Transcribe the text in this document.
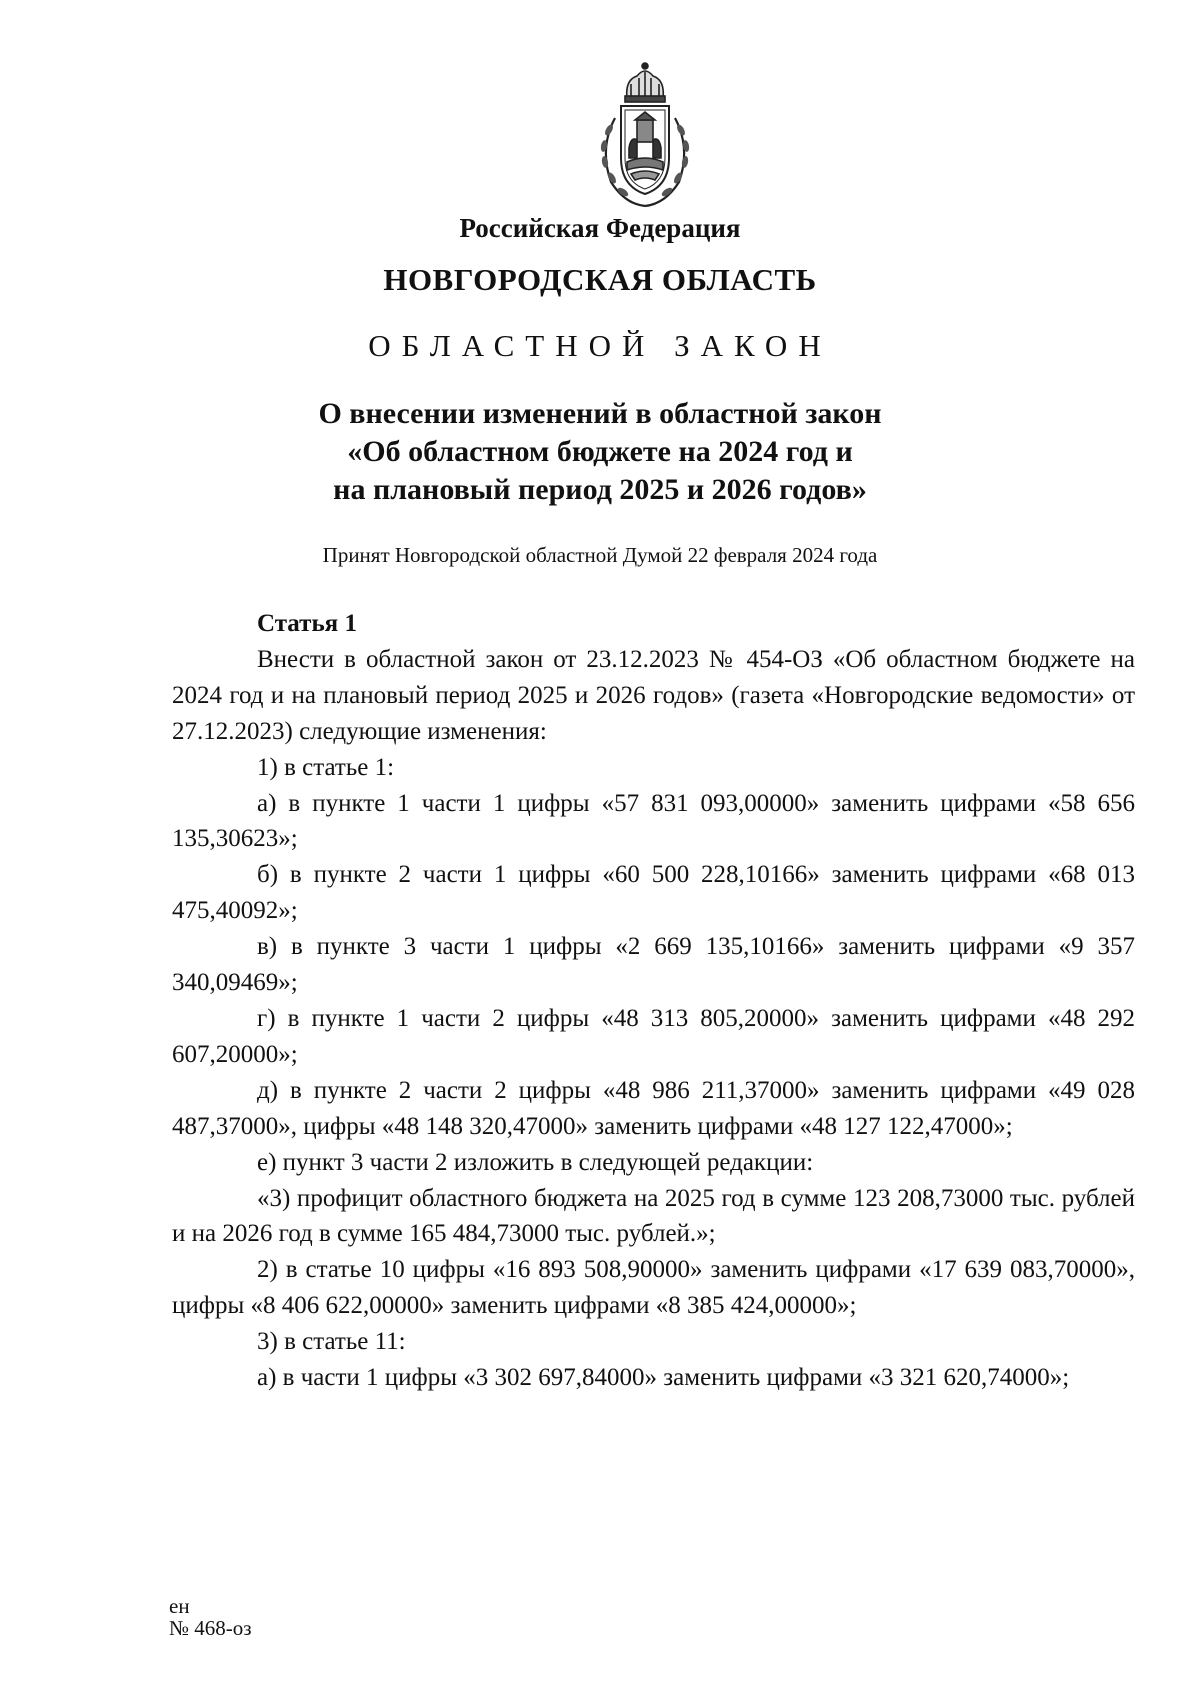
Российская Федерация

НОВГОРОДСКАЯ ОБЛАСТЬ

ОБЛАСТНОЙ ЗАКОН

О внесении изменений в областной закон
«Об областном бюджете на 2024 год и
на плановый период 2025 и 2026 годов»

Принят Новгородской областной Думой 22 февраля 2024 года

Статья 1

Внести в областной закон от 23.12.2023 № 454-ОЗ «Об областном бюджете на 2024 год и на плановый период 2025 и 2026 годов» (газета «Новгородские ведомости» от 27.12.2023) следующие изменения:

1) в статье 1:

а) в пункте 1 части 1 цифры «57 831 093,00000» заменить цифрами «58 656 135,30623»;

б) в пункте 2 части 1 цифры «60 500 228,10166» заменить цифрами «68 013 475,40092»;

в) в пункте 3 части 1 цифры «2 669 135,10166» заменить цифрами «9 357 340,09469»;

г) в пункте 1 части 2 цифры «48 313 805,20000» заменить цифрами «48 292 607,20000»;

д) в пункте 2 части 2 цифры «48 986 211,37000» заменить цифрами «49 028 487,37000», цифры «48 148 320,47000» заменить цифрами «48 127 122,47000»;

е) пункт 3 части 2 изложить в следующей редакции:

«3) профицит областного бюджета на 2025 год в сумме 123 208,73000 тыс. рублей и на 2026 год в сумме 165 484,73000 тыс. рублей.»;

2) в статье 10 цифры «16 893 508,90000» заменить цифрами «17 639 083,70000», цифры «8 406 622,00000» заменить цифрами «8 385 424,00000»;

3) в статье 11:

а) в части 1 цифры «3 302 697,84000» заменить цифрами «3 321 620,74000»;

ен
№ 468-оз
